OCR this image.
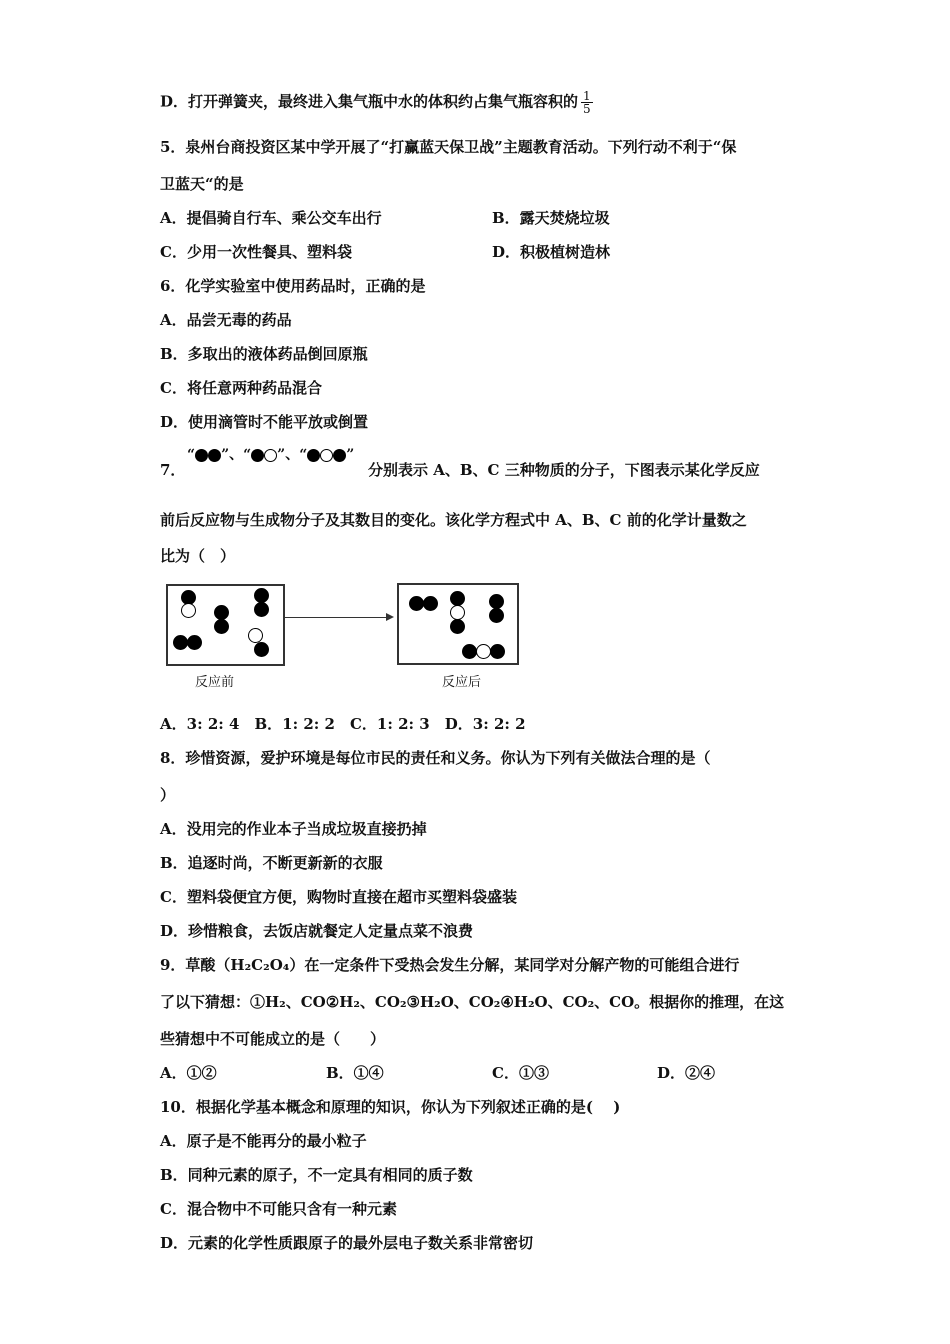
D．打开弹簧夹，最终进入集气瓶中水的体积约占集气瓶容积的 $\frac{1}{5}$
5．泉州台商投资区某中学开展了“打赢蓝天保卫战”主题教育活动。下列行动不利于“保
卫蓝天“的是
A．提倡骑自行车、乘公交车出行	B．露天焚烧垃圾
C．少用一次性餐具、塑料袋	D．积极植树造林
6．化学实验室中使用药品时，正确的是
A．品尝无毒的药品
B．多取出的液体药品倒回原瓶
C．将任意两种药品混合
D．使用滴管时不能平放或倒置
7．
“ ”、“ ”、“	”
分别表示 A、B、C 三种物质的分子，下图表示某化学反应
前后反应物与生成物分子及其数目的变化。该化学方程式中 A、B、C 前的化学计量数之
比为（　）
反应前	反应后
A．3: 2: 4　B．1: 2: 2　C．1: 2: 3　D．3: 2: 2
8．珍惜资源，爱护环境是每位市民的责任和义务。你认为下列有关做法合理的是（
）
A．没用完的作业本子当成垃圾直接扔掉
B．追逐时尚，不断更新新的衣服
C．塑料袋便宜方便，购物时直接在超市买塑料袋盛装
D．珍惜粮食，去饭店就餐定人定量点菜不浪费
9．草酸（H₂C₂O₄）在一定条件下受热会发生分解，某同学对分解产物的可能组合进行
了以下猜想：①H₂、CO②H₂、CO₂③H₂O、CO₂④H₂O、CO₂、CO。根据你的推理，在这
些猜想中不可能成立的是（　　）
A．①②	B．①④	C．①③	D．②④
10．根据化学基本概念和原理的知识，你认为下列叙述正确的是(　 )
A．原子是不能再分的最小粒子
B．同种元素的原子，不一定具有相同的质子数
C．混合物中不可能只含有一种元素
D．元素的化学性质跟原子的最外层电子数关系非常密切
